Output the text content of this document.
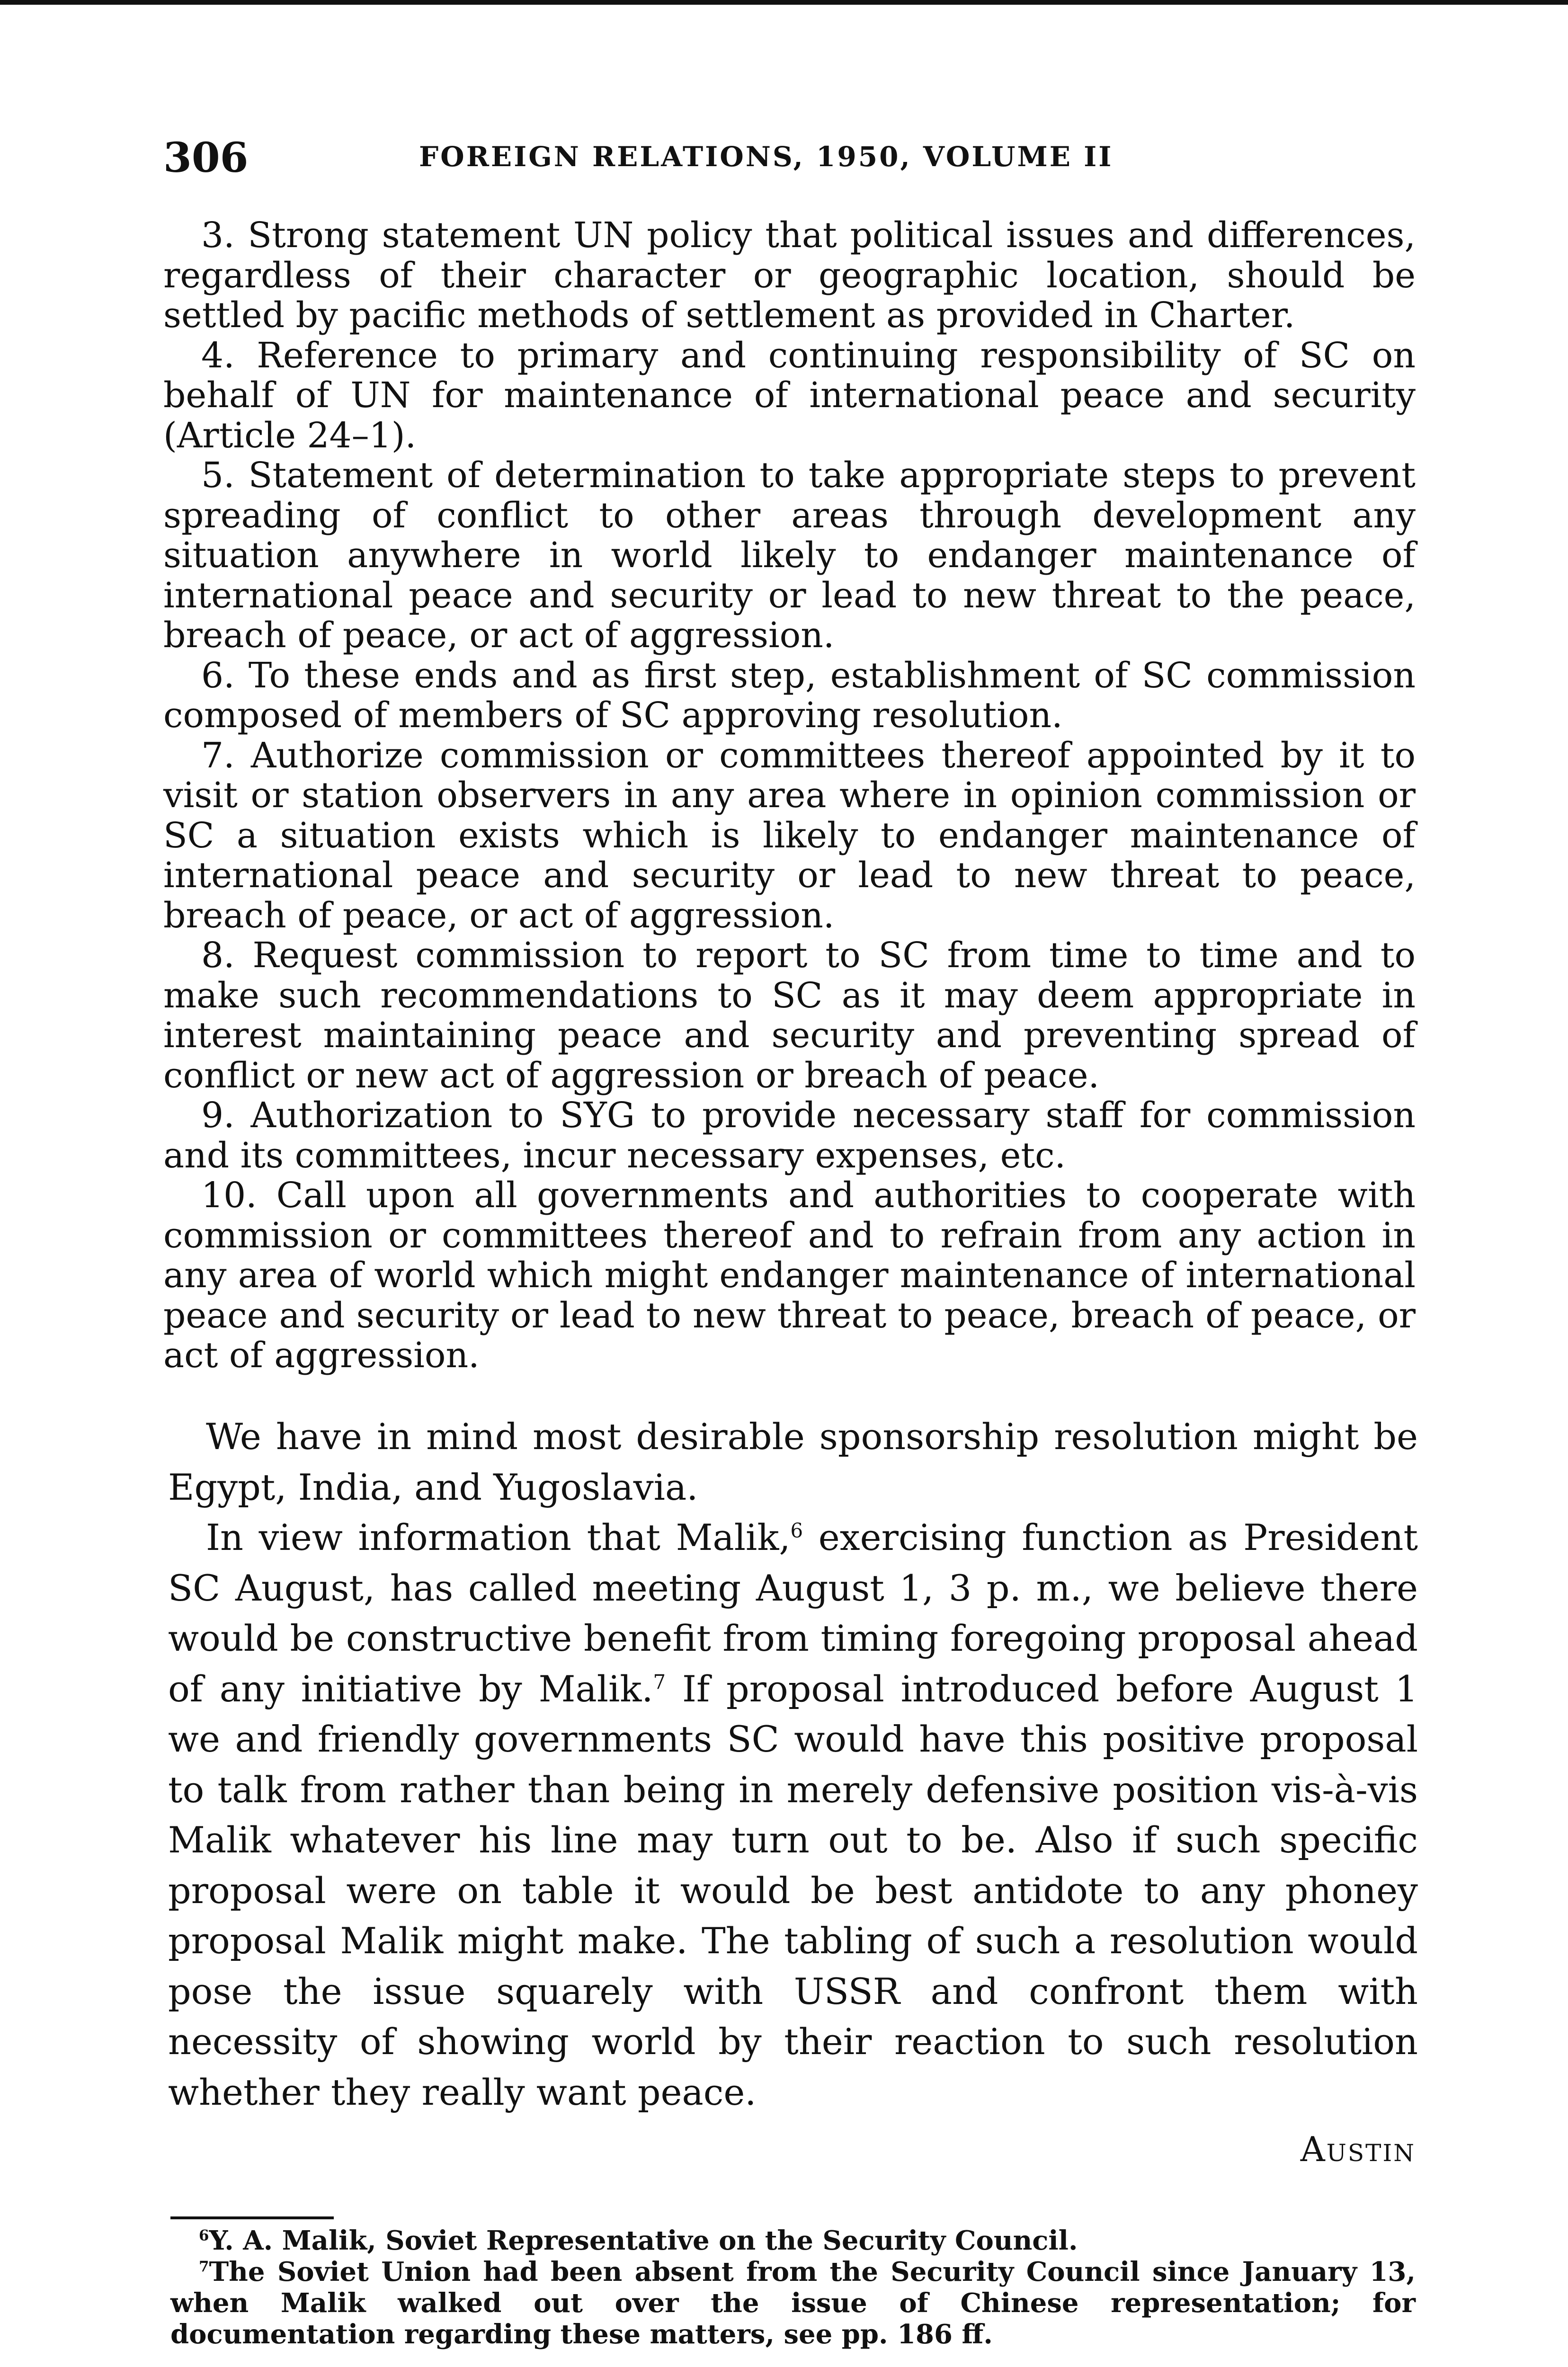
306	FOREIGN RELATIONS, 1950, VOLUME II

3. Strong statement UN policy that political issues and differences, regardless of their character or geographic location, should be settled by pacific methods of settlement as provided in Charter.

4. Reference to primary and continuing responsibility of SC on behalf of UN for maintenance of international peace and security (Article 24–1).

5. Statement of determination to take appropriate steps to prevent spreading of conflict to other areas through development any situation anywhere in world likely to endanger maintenance of international peace and security or lead to new threat to the peace, breach of peace, or act of aggression.

6. To these ends and as first step, establishment of SC commission composed of members of SC approving resolution.

7. Authorize commission or committees thereof appointed by it to visit or station observers in any area where in opinion commission or SC a situation exists which is likely to endanger maintenance of international peace and security or lead to new threat to peace, breach of peace, or act of aggression.

8. Request commission to report to SC from time to time and to make such recommendations to SC as it may deem appropriate in interest maintaining peace and security and preventing spread of conflict or new act of aggression or breach of peace.

9. Authorization to SYG to provide necessary staff for commission and its committees, incur necessary expenses, etc.

10. Call upon all governments and authorities to cooperate with commission or committees thereof and to refrain from any action in any area of world which might endanger maintenance of international peace and security or lead to new threat to peace, breach of peace, or act of aggression.

We have in mind most desirable sponsorship resolution might be Egypt, India, and Yugoslavia.

In view information that Malik,$^6$ exercising function as President SC August, has called meeting August 1, 3 p. m., we believe there would be constructive benefit from timing foregoing proposal ahead of any initiative by Malik.$^7$ If proposal introduced before August 1 we and friendly governments SC would have this positive proposal to talk from rather than being in merely defensive position vis-à-vis Malik whatever his line may turn out to be. Also if such specific proposal were on table it would be best antidote to any phoney proposal Malik might make. The tabling of such a resolution would pose the issue squarely with USSR and confront them with necessity of showing world by their reaction to such resolution whether they really want peace.

Austin

$^6$Y. A. Malik, Soviet Representative on the Security Council.

$^7$The Soviet Union had been absent from the Security Council since January 13, when Malik walked out over the issue of Chinese representation; for documentation regarding these matters, see pp. 186 ff.
